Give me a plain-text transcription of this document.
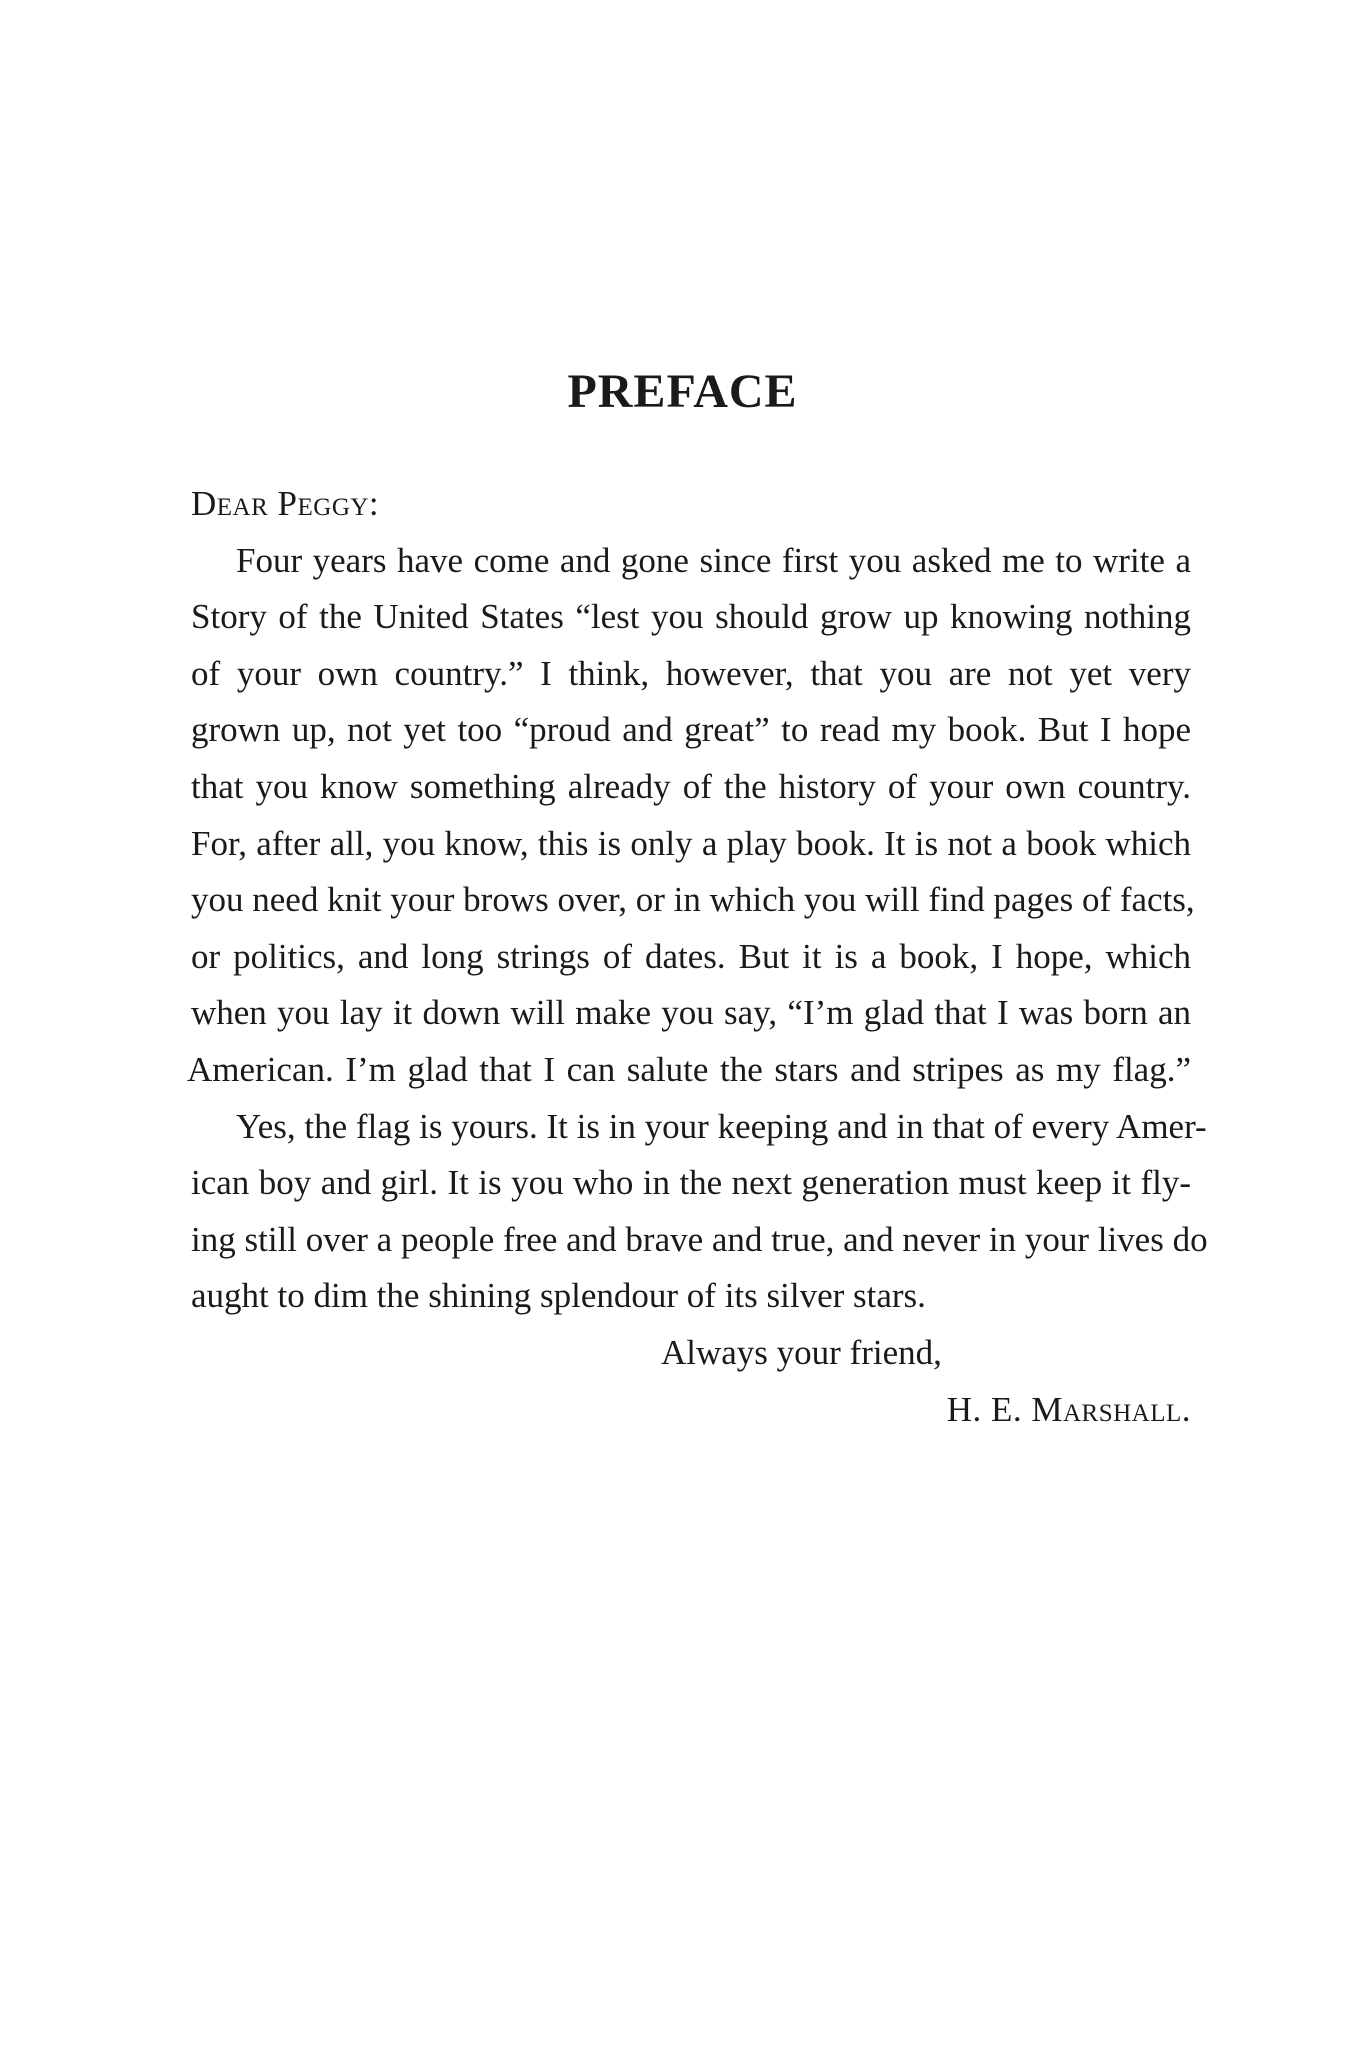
PREFACE
Dear Peggy:
Four years have come and gone since first you asked me to write a
Story of the United States “lest you should grow up knowing nothing
of your own country.” I think, however, that you are not yet very
grown up, not yet too “proud and great” to read my book. But I hope
that you know something already of the history of your own country.
For, after all, you know, this is only a play book. It is not a book which
you need knit your brows over, or in which you will find pages of facts,
or politics, and long strings of dates. But it is a book, I hope, which
when you lay it down will make you say, “I’m glad that I was born an
American. I’m glad that I can salute the stars and stripes as my flag.”
Yes, the flag is yours. It is in your keeping and in that of every Amer-
ican boy and girl. It is you who in the next generation must keep it fly-
ing still over a people free and brave and true, and never in your lives do
aught to dim the shining splendour of its silver stars.
Always your friend,
H. E. Marshall.
